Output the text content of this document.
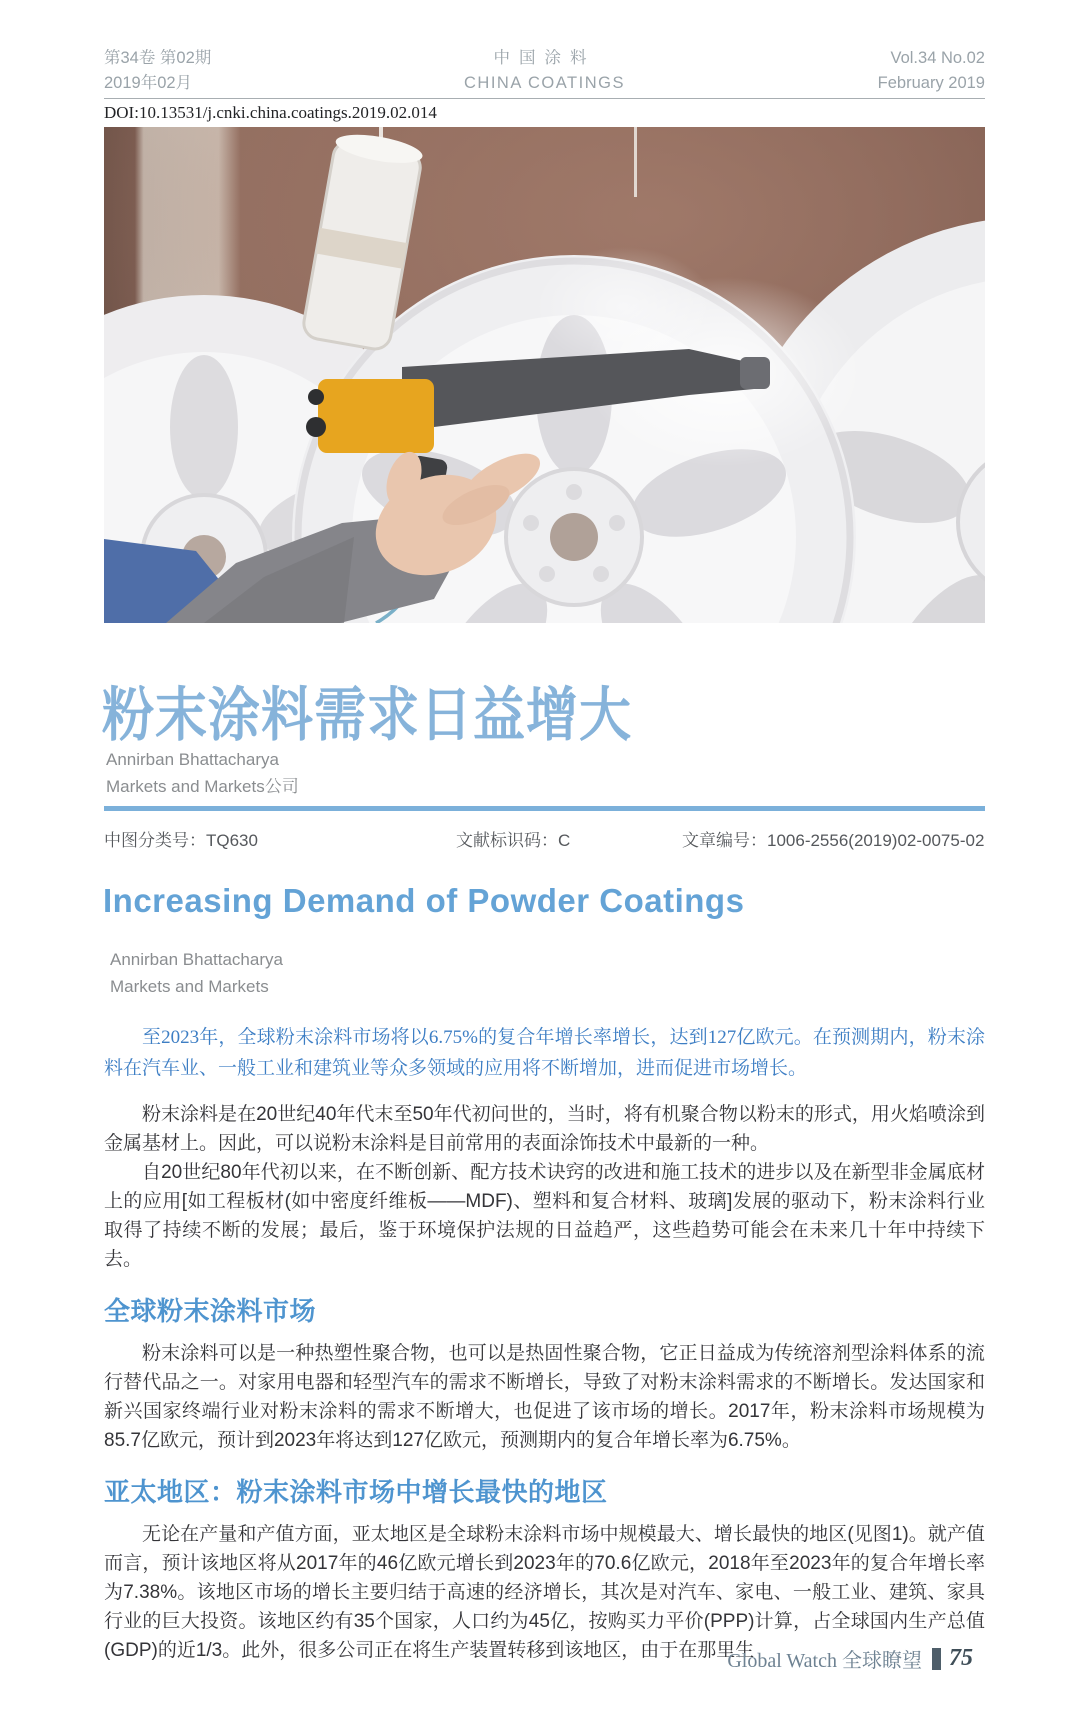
第34卷 第02期
2019年02月
中国涂料
CHINA COATINGS
Vol.34 No.02
February 2019
DOI:10.13531/j.cnki.china.coatings.2019.02.014
粉末涂料需求日益增大
Annirban Bhattacharya
Markets and Markets公司
中图分类号：TQ630	文献标识码：C	文章编号：1006-2556(2019)02-0075-02
Increasing Demand of Powder Coatings
Annirban Bhattacharya
Markets and Markets

至2023年，全球粉末涂料市场将以6.75%的复合年增长率增长，达到127亿欧元。在预测期内，粉末涂料在汽车业、一般工业和建筑业等众多领域的应用将不断增加，进而促进市场增长。

粉末涂料是在20世纪40年代末至50年代初问世的，当时，将有机聚合物以粉末的形式，用火焰喷涂到金属基材上。因此，可以说粉末涂料是目前常用的表面涂饰技术中最新的一种。

自20世纪80年代初以来，在不断创新、配方技术诀窍的改进和施工技术的进步以及在新型非金属底材上的应用[如工程板材(如中密度纤维板——MDF)、塑料和复合材料、玻璃]发展的驱动下，粉末涂料行业取得了持续不断的发展；最后，鉴于环境保护法规的日益趋严，这些趋势可能会在未来几十年中持续下去。

全球粉末涂料市场

粉末涂料可以是一种热塑性聚合物，也可以是热固性聚合物，它正日益成为传统溶剂型涂料体系的流行替代品之一。对家用电器和轻型汽车的需求不断增长，导致了对粉末涂料需求的不断增长。发达国家和新兴国家终端行业对粉末涂料的需求不断增大，也促进了该市场的增长。2017年，粉末涂料市场规模为85.7亿欧元，预计到2023年将达到127亿欧元，预测期内的复合年增长率为6.75%。

亚太地区：粉末涂料市场中增长最快的地区

无论在产量和产值方面，亚太地区是全球粉末涂料市场中规模最大、增长最快的地区(见图1)。就产值而言，预计该地区将从2017年的46亿欧元增长到2023年的70.6亿欧元，2018年至2023年的复合年增长率为7.38%。该地区市场的增长主要归结于高速的经济增长，其次是对汽车、家电、一般工业、建筑、家具行业的巨大投资。该地区约有35个国家，人口约为45亿，按购买力平价(PPP)计算，占全球国内生产总值(GDP)的近1/3。此外，很多公司正在将生产装置转移到该地区，由于在那里生

Global Watch 全球瞭望 75
